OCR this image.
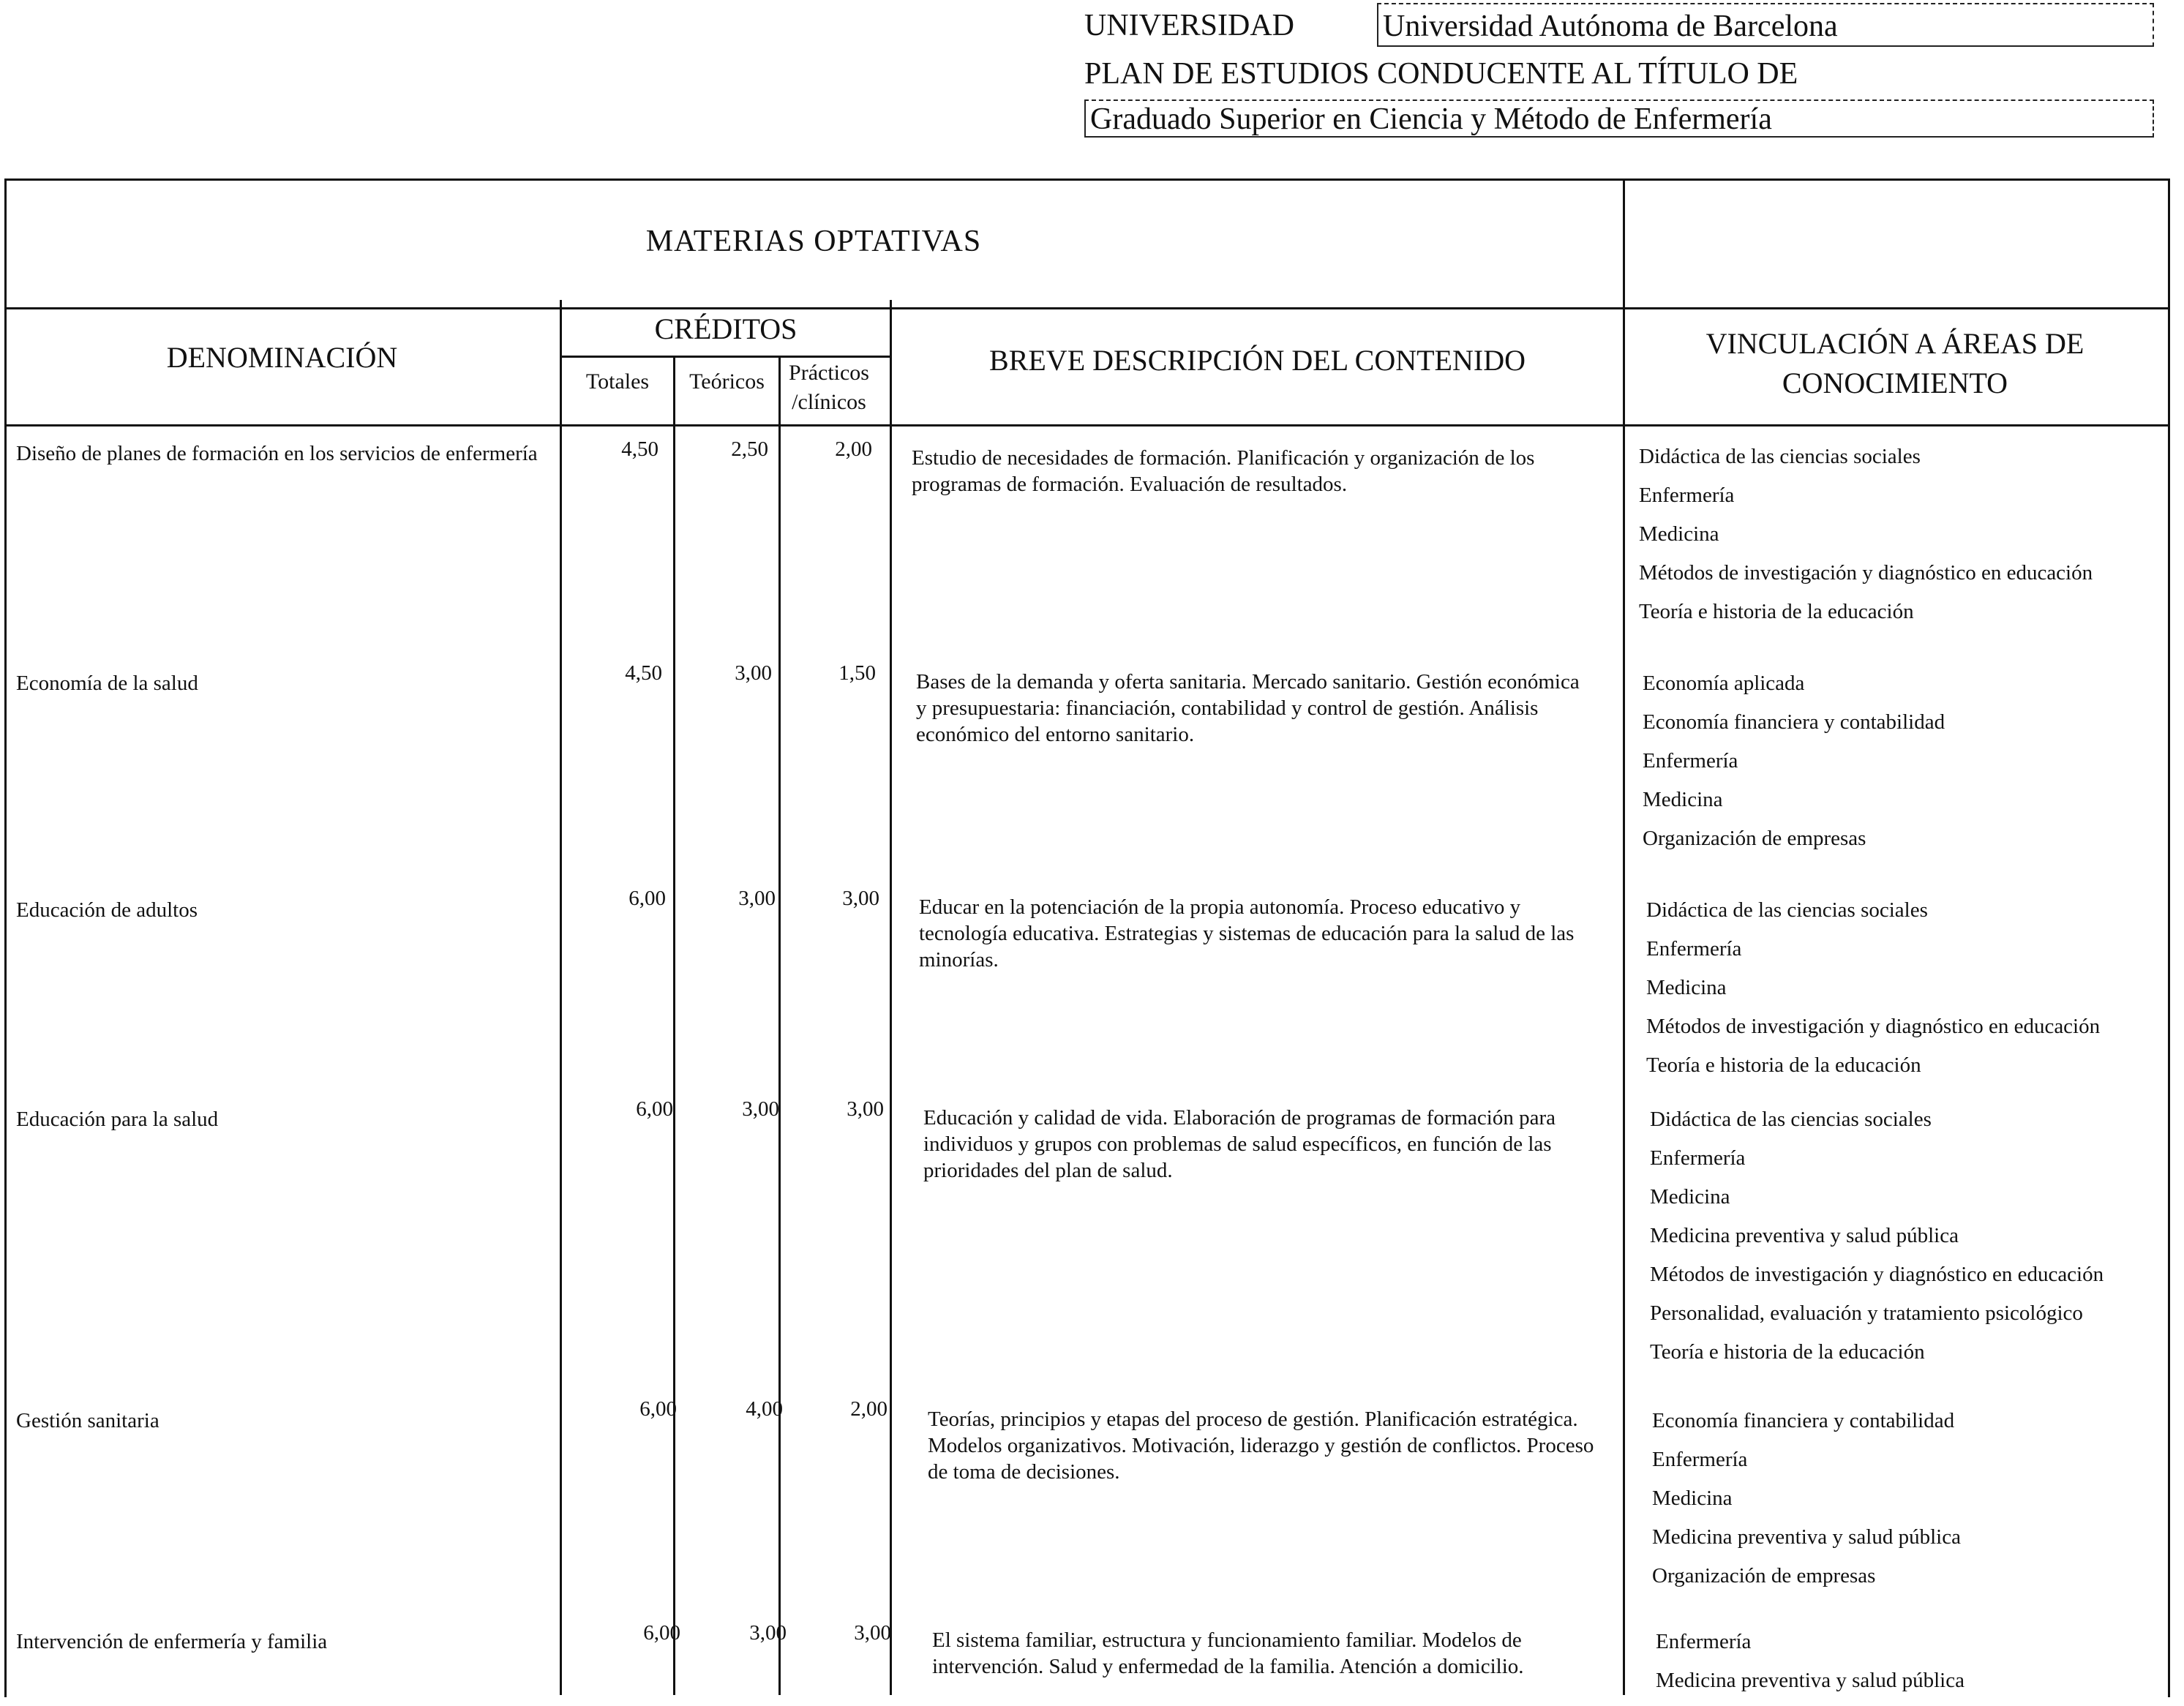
UNIVERSIDAD	Universidad Autónoma de Barcelona
PLAN DE ESTUDIOS CONDUCENTE AL TÍTULO DE
Graduado Superior en Ciencia y Método de Enfermería
MATERIAS OPTATIVAS
DENOMINACIÓN
CRÉDITOS
Totales	Teóricos	Prácticos /clínicos
BREVE DESCRIPCIÓN DEL CONTENIDO
VINCULACIÓN A ÁREAS DE CONOCIMIENTO
Diseño de planes de formación en los servicios de enfermería	4,50	2,50	2,00 Estudio de necesidades de formación. Planificación y organización de los programas de formación. Evaluación de resultados.
Didáctica de las ciencias sociales
Enfermería
Medicina
Métodos de investigación y diagnóstico en educación
Teoría e historia de la educación
Economía de la salud	4,50	3,00	1,50 Bases de la demanda y oferta sanitaria. Mercado sanitario. Gestión económica y presupuestaria: financiación, contabilidad y control de gestión. Análisis económico del entorno sanitario.
Economía aplicada
Economía financiera y contabilidad
Enfermería
Medicina
Organización de empresas
Educación de adultos	6,00	3,00	3,00 Educar en la potenciación de la propia autonomía. Proceso educativo y tecnología educativa. Estrategias y sistemas de educación para la salud de las minorías.
Didáctica de las ciencias sociales
Enfermería
Medicina
Métodos de investigación y diagnóstico en educación
Teoría e historia de la educación
Educación para la salud	6,00	3,00	3,00 Educación y calidad de vida. Elaboración de programas de formación para individuos y grupos con problemas de salud específicos, en función de las prioridades del plan de salud.
Didáctica de las ciencias sociales
Enfermería
Medicina
Medicina preventiva y salud pública
Métodos de investigación y diagnóstico en educación
Personalidad, evaluación y tratamiento psicológico
Teoría e historia de la educación
Gestión sanitaria	6,00	4,00	2,00 Teorías, principios y etapas del proceso de gestión. Planificación estratégica. Modelos organizativos. Motivación, liderazgo y gestión de conflictos. Proceso de toma de decisiones.
Economía financiera y contabilidad
Enfermería
Medicina
Medicina preventiva y salud pública
Organización de empresas
Intervención de enfermería y familia	6,00	3,00	3,00 El sistema familiar, estructura y funcionamiento familiar. Modelos de intervención. Salud y enfermedad de la familia. Atención a domicilio.
Enfermería
Medicina preventiva y salud pública
